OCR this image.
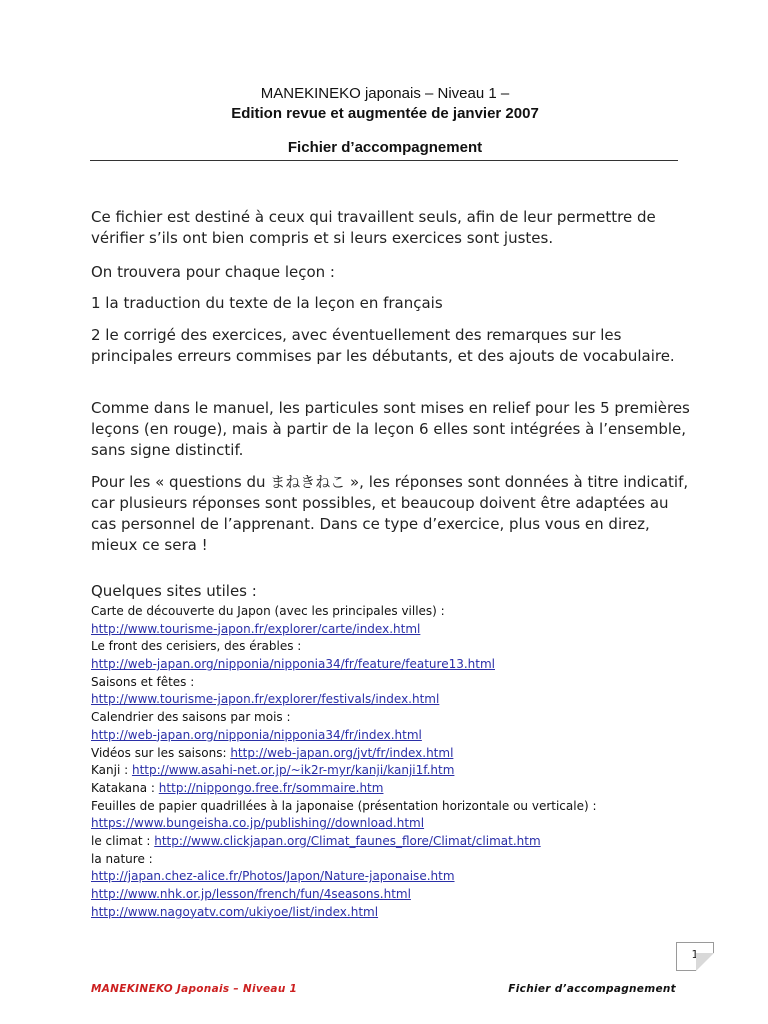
MANEKINEKO japonais – Niveau 1 –
Edition revue et augmentée de janvier 2007
Fichier d’accompagnement
Ce fichier est destiné à ceux qui travaillent seuls, afin de leur permettre de vérifier s’ils ont bien compris et si leurs exercices sont justes.
On trouvera pour chaque leçon :
1 la traduction du texte de la leçon en français
2 le corrigé des exercices, avec éventuellement des remarques sur les principales erreurs commises par les débutants, et des ajouts de vocabulaire.
Comme dans le manuel, les particules sont mises en relief pour les 5 premières leçons (en rouge), mais à partir de la leçon 6 elles sont intégrées à l’ensemble, sans signe distinctif.
Pour les « questions du まねきねこ », les réponses sont données à titre indicatif, car plusieurs réponses sont possibles, et beaucoup doivent être adaptées au cas personnel de l’apprenant. Dans ce type d’exercice, plus vous en direz, mieux ce sera !
Quelques sites utiles :
Carte de découverte du Japon (avec les principales villes) :
http://www.tourisme-japon.fr/explorer/carte/index.html
Le front des cerisiers, des érables :
http://web-japan.org/nipponia/nipponia34/fr/feature/feature13.html
Saisons et fêtes :
http://www.tourisme-japon.fr/explorer/festivals/index.html
Calendrier des saisons par mois :
http://web-japan.org/nipponia/nipponia34/fr/index.html
Vidéos sur les saisons: http://web-japan.org/jvt/fr/index.html
Kanji : http://www.asahi-net.or.jp/~ik2r-myr/kanji/kanji1f.htm
Katakana : http://nippongo.free.fr/sommaire.htm
Feuilles de papier quadrillées à la japonaise (présentation horizontale ou verticale) :
https://www.bungeisha.co.jp/publishing//download.html
le climat : http://www.clickjapan.org/Climat_faunes_flore/Climat/climat.htm
la nature :
http://japan.chez-alice.fr/Photos/Japon/Nature-japonaise.htm
http://www.nhk.or.jp/lesson/french/fun/4seasons.html
http://www.nagoyatv.com/ukiyoe/list/index.html
1
MANEKINEKO Japonais – Niveau 1	Fichier d’accompagnement
